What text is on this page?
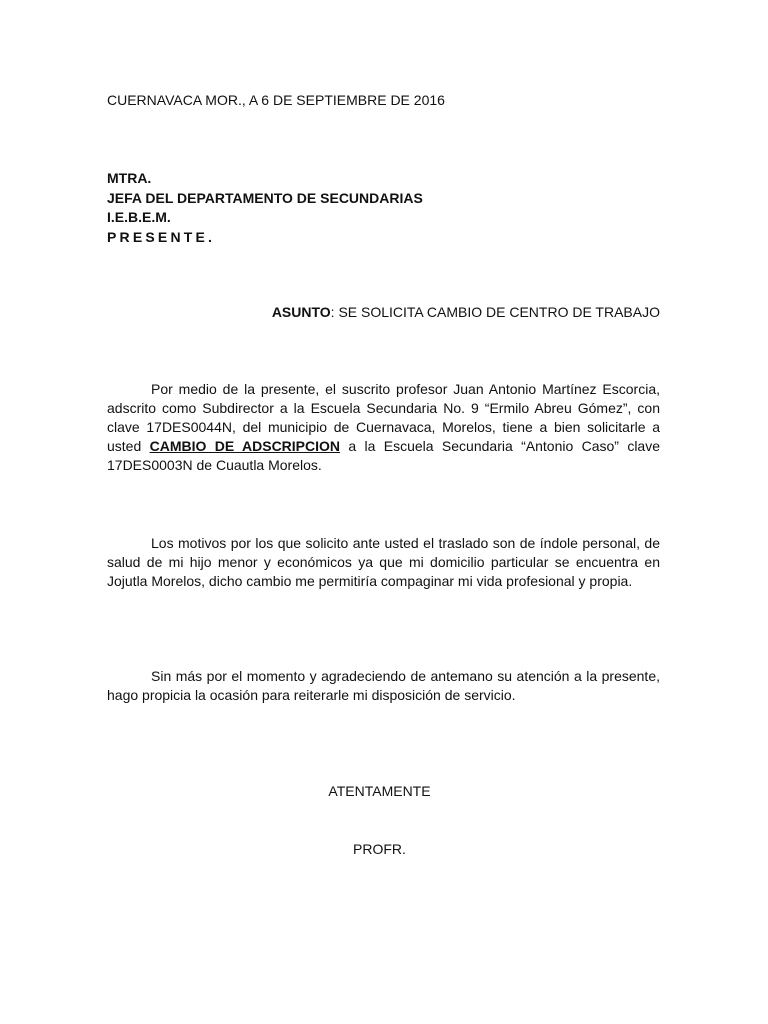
CUERNAVACA MOR., A 6 DE SEPTIEMBRE DE 2016
MTRA.
JEFA DEL DEPARTAMENTO DE SECUNDARIAS
I.E.B.E.M.
PRESENTE.
ASUNTO: SE SOLICITA CAMBIO DE CENTRO DE TRABAJO
Por medio de la presente, el suscrito profesor Juan Antonio Martínez Escorcia, adscrito como Subdirector a la Escuela Secundaria No. 9 “Ermilo Abreu Gómez”, con clave 17DES0044N, del municipio de Cuernavaca, Morelos, tiene a bien solicitarle a usted CAMBIO DE ADSCRIPCION a la Escuela Secundaria “Antonio Caso” clave 17DES0003N de Cuautla Morelos.
Los motivos por los que solicito ante usted el traslado son de índole personal, de salud de mi hijo menor y económicos ya que mi domicilio particular se encuentra en Jojutla Morelos, dicho cambio me permitiría compaginar mi vida profesional y propia.
Sin más por el momento y agradeciendo de antemano su atención a la presente, hago propicia la ocasión para reiterarle mi disposición de servicio.
ATENTAMENTE
PROFR.
